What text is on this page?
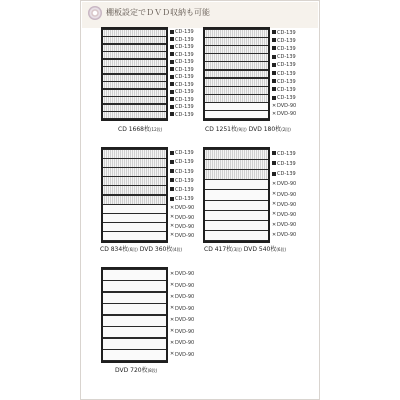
棚板設定でＤＶＤ収納も可能
CD-139
CD-139
CD-139
CD-139
CD-139
CD-139
CD-139
CD-139
CD-139
CD-139
CD-139
CD-139
CD 1668枚(12段)
CD-139
CD-139
CD-139
CD-139
CD-139
CD-139
CD-139
CD-139
CD-139
✕DVD-90
✕DVD-90
CD 1251枚(9段) DVD 180枚(2段)
CD-139
CD-139
CD-139
CD-139
CD-139
CD-139
✕DVD-90
✕DVD-90
✕DVD-90
✕DVD-90
CD 834枚(6段) DVD 360枚(4段)
CD-139
CD-139
CD-139
✕DVD-90
✕DVD-90
✕DVD-90
✕DVD-90
✕DVD-90
✕DVD-90
CD 417枚(3段) DVD 540枚(6段)
✕DVD-90
✕DVD-90
✕DVD-90
✕DVD-90
✕DVD-90
✕DVD-90
✕DVD-90
✕DVD-90
DVD 720枚(8段)
